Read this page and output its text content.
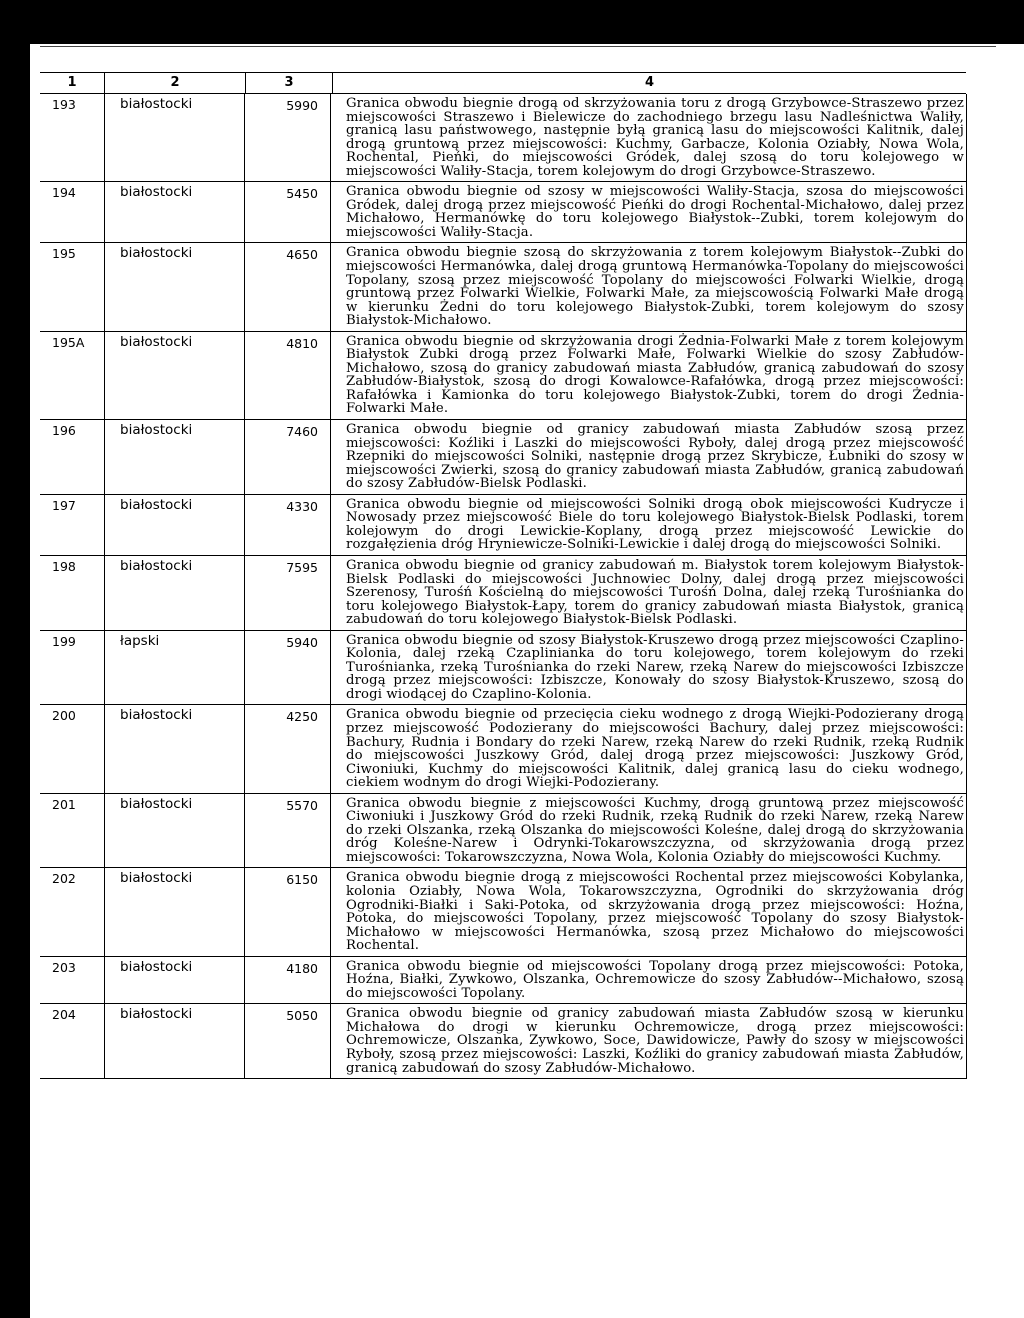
1	2	3	4
193	białostocki	5990	Granica obwodu biegnie drogą od skrzyżowania toru z drogą Grzybowce-Straszewo przez miejscowości Straszewo i Bielewicze do zachodniego brzegu lasu Nadleśnictwa Waliły, granicą lasu państwowego, następnie byłą granicą lasu do miejscowości Kalitnik, dalej drogą gruntową przez miejscowości: Kuchmy, Garbacze, Kolonia Oziabły, Nowa Wola, Rochental, Pieńki, do miejscowości Gródek, dalej szosą do toru kolejowego w miejscowości Waliły-Stacja, torem kolejowym do drogi Grzybowce-Straszewo.
194	białostocki	5450	Granica obwodu biegnie od szosy w miejscowości Waliły-Stacja, szosa do miejscowości Gródek, dalej drogą przez miejscowość Pieńki do drogi Rochental-Michałowo, dalej przez Michałowo, Hermanówkę do toru kolejowego Białystok--Zubki, torem kolejowym do miejscowości Waliły-Stacja.
195	białostocki	4650	Granica obwodu biegnie szosą do skrzyżowania z torem kolejowym Białystok--Zubki do miejscowości Hermanówka, dalej drogą gruntową Hermanówka-Topolany do miejscowości Topolany, szosą przez miejscowość Topolany do miejscowości Folwarki Wielkie, drogą gruntową przez Folwarki Wielkie, Folwarki Małe, za miejscowością Folwarki Małe drogą w kierunku Żedni do toru kolejowego Białystok-Zubki, torem kolejowym do szosy Białystok-Michałowo.
195A	białostocki	4810	Granica obwodu biegnie od skrzyżowania drogi Żednia-Folwarki Małe z torem kolejowym Białystok Zubki drogą przez Folwarki Małe, Folwarki Wielkie do szosy Zabłudów-Michałowo, szosą do granicy zabudowań miasta Zabłudów, granicą zabudowań do szosy Zabłudów-Białystok, szosą do drogi Kowalowce-Rafałówka, drogą przez miejscowości: Rafałówka i Kamionka do toru kolejowego Białystok-Zubki, torem do drogi Żednia-Folwarki Małe.
196	białostocki	7460	Granica obwodu biegnie od granicy zabudowań miasta Zabłudów szosą przez miejscowości: Koźliki i Laszki do miejscowości Ryboły, dalej drogą przez miejscowość Rzepniki do miejscowości Solniki, następnie drogą przez Skrybicze, Łubniki do szosy w miejscowości Zwierki, szosą do granicy zabudowań miasta Zabłudów, granicą zabudowań do szosy Zabłudów-Bielsk Podlaski.
197	białostocki	4330	Granica obwodu biegnie od miejscowości Solniki drogą obok miejscowości Kudrycze i Nowosady przez miejscowość Biele do toru kolejowego Białystok-Bielsk Podlaski, torem kolejowym do drogi Lewickie-Koplany, drogą przez miejscowość Lewickie do rozgałęzienia dróg Hryniewicze-Solniki-Lewickie i dalej drogą do miejscowości Solniki.
198	białostocki	7595	Granica obwodu biegnie od granicy zabudowań m. Białystok torem kolejowym Białystok-Bielsk Podlaski do miejscowości Juchnowiec Dolny, dalej drogą przez miejscowości Szerenosy, Turośń Kościelną do miejscowości Turośń Dolna, dalej rzeką Turośnianka do toru kolejowego Białystok-Łapy, torem do granicy zabudowań miasta Białystok, granicą zabudowań do toru kolejowego Białystok-Bielsk Podlaski.
199	łapski	5940	Granica obwodu biegnie od szosy Białystok-Kruszewo drogą przez miejscowości Czaplino-Kolonia, dalej rzeką Czaplinianka do toru kolejowego, torem kolejowym do rzeki Turośnianka, rzeką Turośnianka do rzeki Narew, rzeką Narew do miejscowości Izbiszcze drogą przez miejscowości: Izbiszcze, Konowały do szosy Białystok-Kruszewo, szosą do drogi wiodącej do Czaplino-Kolonia.
200	białostocki	4250	Granica obwodu biegnie od przecięcia cieku wodnego z drogą Wiejki-Podozierany drogą przez miejscowość Podozierany do miejscowości Bachury, dalej przez miejscowości: Bachury, Rudnia i Bondary do rzeki Narew, rzeką Narew do rzeki Rudnik, rzeką Rudnik do miejscowości Juszkowy Gród, dalej drogą przez miejscowości: Juszkowy Gród, Ciwoniuki, Kuchmy do miejscowości Kalitnik, dalej granicą lasu do cieku wodnego, ciekiem wodnym do drogi Wiejki-Podozierany.
201	białostocki	5570	Granica obwodu biegnie z miejscowości Kuchmy, drogą gruntową przez miejscowość Ciwoniuki i Juszkowy Gród do rzeki Rudnik, rzeką Rudnik do rzeki Narew, rzeką Narew do rzeki Olszanka, rzeką Olszanka do miejscowości Koleśne, dalej drogą do skrzyżowania dróg Koleśne-Narew i Odrynki-Tokarowszczyzna, od skrzyżowania drogą przez miejscowości: Tokarowszczyzna, Nowa Wola, Kolonia Oziabły do miejscowości Kuchmy.
202	białostocki	6150	Granica obwodu biegnie drogą z miejscowości Rochental przez miejscowości Kobylanka, kolonia Oziabły, Nowa Wola, Tokarowszczyzna, Ogrodniki do skrzyżowania dróg Ogrodniki-Białki i Saki-Potoka, od skrzyżowania drogą przez miejscowości: Hoźna, Potoka, do miejscowości Topolany, przez miejscowość Topolany do szosy Białystok-Michałowo w miejscowości Hermanówka, szosą przez Michałowo do miejscowości Rochental.
203	białostocki	4180	Granica obwodu biegnie od miejscowości Topolany drogą przez miejscowości: Potoka, Hoźna, Białki, Zywkowo, Olszanka, Ochremowicze do szosy Zabłudów--Michałowo, szosą do miejscowości Topolany.
204	białostocki	5050	Granica obwodu biegnie od granicy zabudowań miasta Zabłudów szosą w kierunku Michałowa do drogi w kierunku Ochremowicze, drogą przez miejscowości: Ochremowicze, Olszanka, Zywkowo, Soce, Dawidowicze, Pawły do szosy w miejscowości Ryboły, szosą przez miejscowości: Laszki, Koźliki do granicy zabudowań miasta Zabłudów, granicą zabudowań do szosy Zabłudów-Michałowo.
